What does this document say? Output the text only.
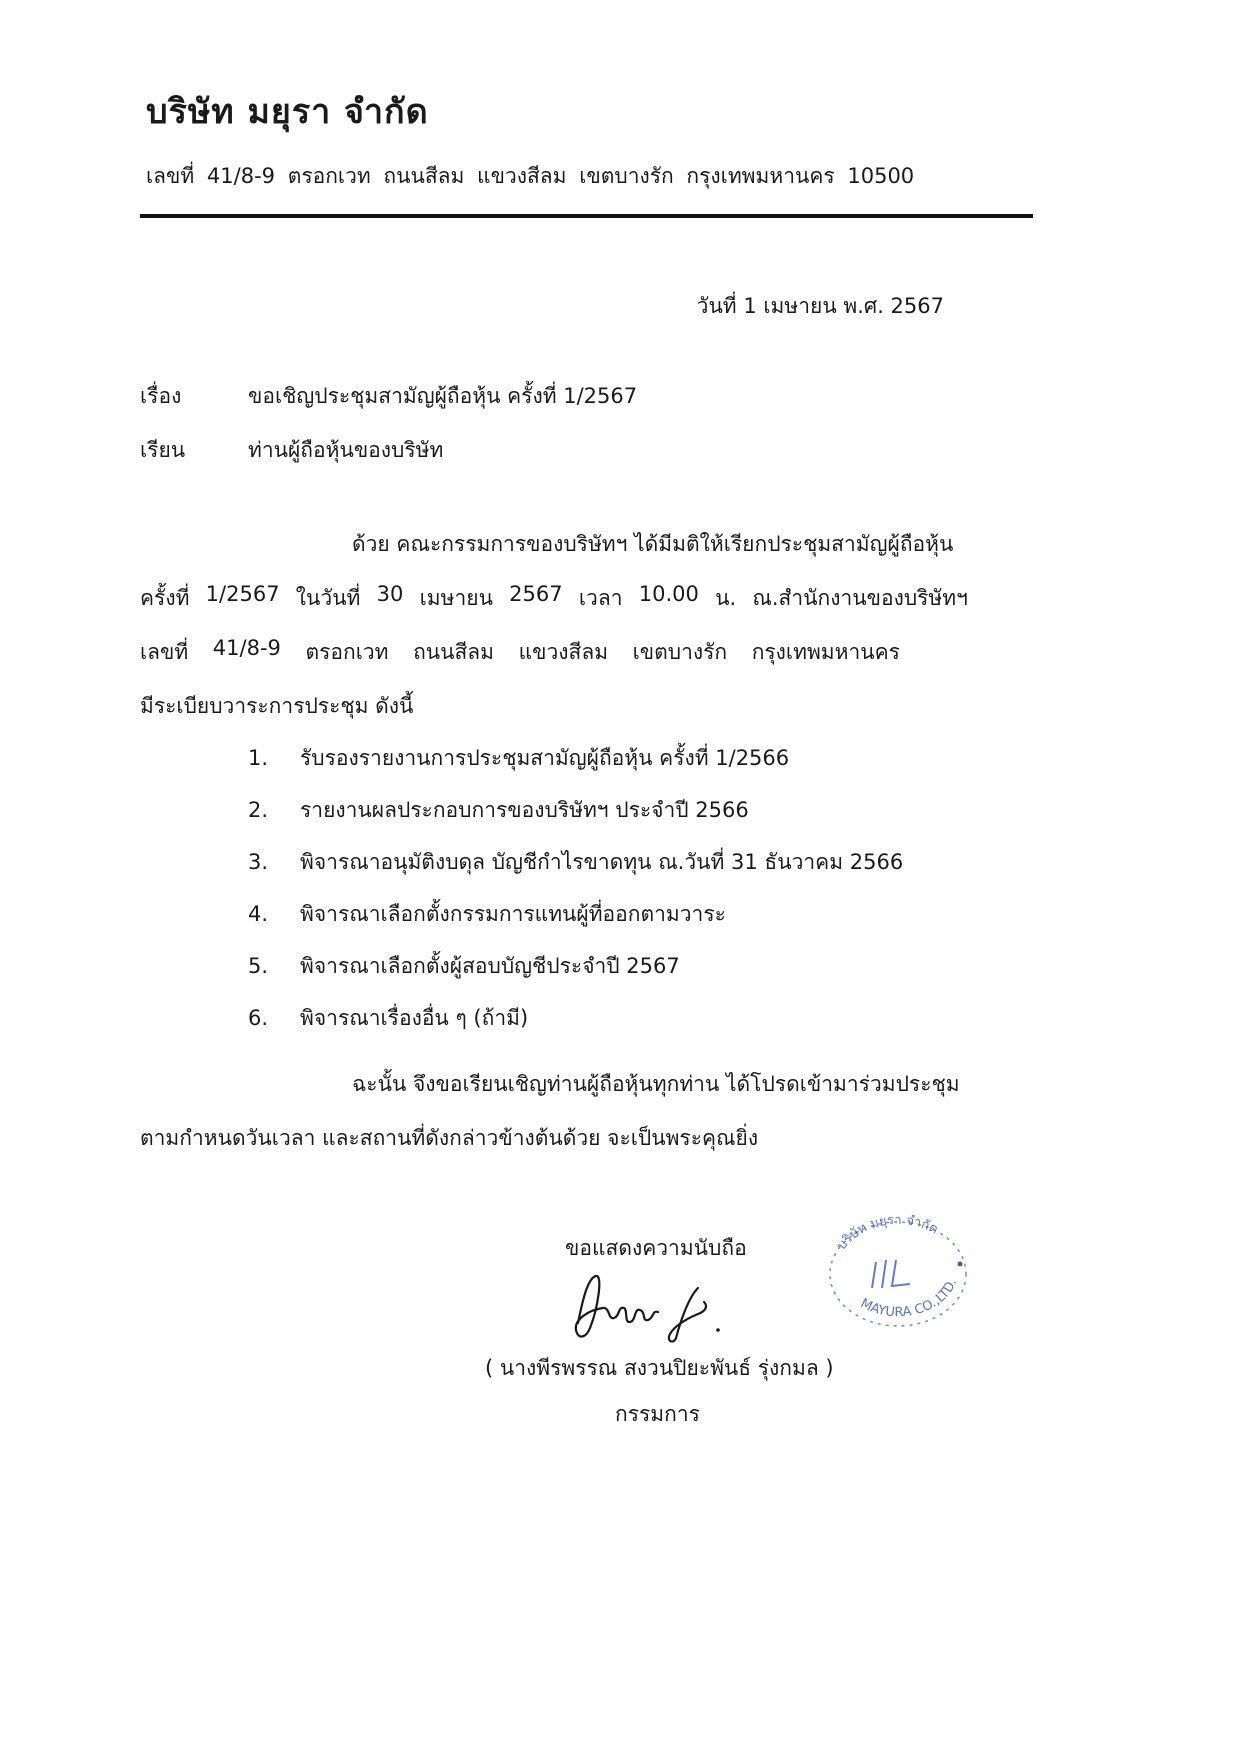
บริษัท มยุรา จำกัด
เลขที่ 41/8-9 ตรอกเวท ถนนสีลม แขวงสีลม เขตบางรัก กรุงเทพมหานคร 10500
วันที่ 1 เมษายน พ.ศ. 2567
เรื่อง	ขอเชิญประชุมสามัญผู้ถือหุ้น ครั้งที่ 1/2567
เรียน	ท่านผู้ถือหุ้นของบริษัท
ด้วย คณะกรรมการของบริษัทฯ ได้มีมติให้เรียกประชุมสามัญผู้ถือหุ้น
ครั้งที่ 1/2567 ในวันที่ 30 เมษายน 2567 เวลา 10.00 น. ณ.สำนักงานของบริษัทฯ
เลขที่ 41/8-9 ตรอกเวท ถนนสีลม แขวงสีลม เขตบางรัก กรุงเทพมหานคร
มีระเบียบวาระการประชุม ดังนี้
1. รับรองรายงานการประชุมสามัญผู้ถือหุ้น ครั้งที่ 1/2566
2. รายงานผลประกอบการของบริษัทฯ ประจำปี 2566
3. พิจารณาอนุมัติงบดุล บัญชีกำไรขาดทุน ณ.วันที่ 31 ธันวาคม 2566
4. พิจารณาเลือกตั้งกรรมการแทนผู้ที่ออกตามวาระ
5. พิจารณาเลือกตั้งผู้สอบบัญชีประจำปี 2567
6. พิจารณาเรื่องอื่น ๆ (ถ้ามี)
ฉะนั้น จึงขอเรียนเชิญท่านผู้ถือหุ้นทุกท่าน ได้โปรดเข้ามาร่วมประชุม
ตามกำหนดวันเวลา และสถานที่ดังกล่าวข้างต้นด้วย จะเป็นพระคุณยิ่ง
ขอแสดงความนับถือ
( นางพีรพรรณ สงวนปิยะพันธ์ รุ่งกมล )
กรรมการ
บริษัท มยุรา จำกัด
MAYURA CO.,LTD.
